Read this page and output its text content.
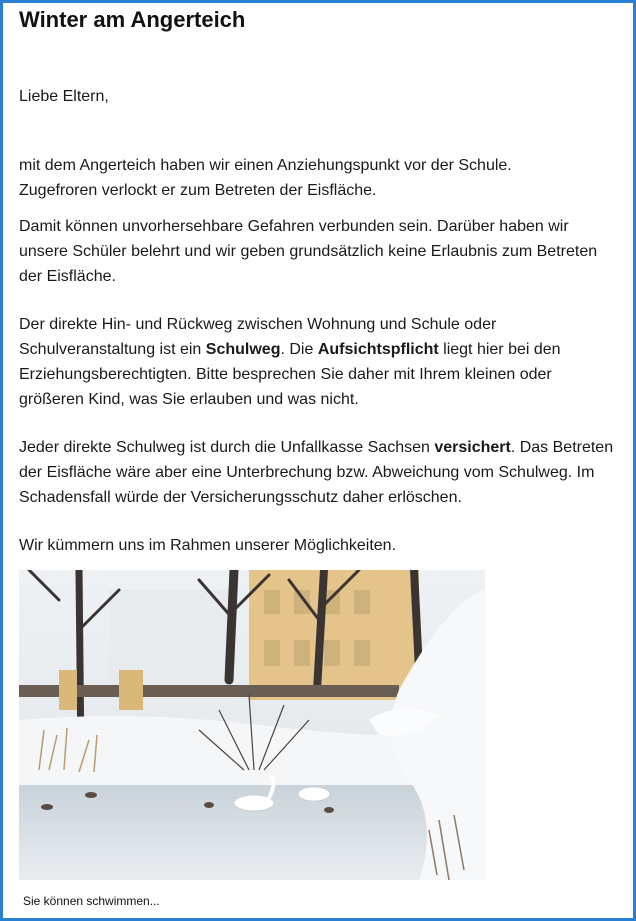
Winter am Angerteich

Liebe Eltern,

mit dem Angerteich haben wir einen Anziehungspunkt vor der Schule.
Zugefroren verlockt er zum Betreten der Eisfläche.

Damit können unvorhersehbare Gefahren verbunden sein. Darüber haben wir unsere Schüler belehrt und wir geben grundsätzlich keine Erlaubnis zum Betreten der Eisfläche.

Der direkte Hin- und Rückweg zwischen Wohnung und Schule oder Schulveranstaltung ist ein Schulweg. Die Aufsichtspflicht liegt hier bei den Erziehungsberechtigten. Bitte besprechen Sie daher mit Ihrem kleinen oder größeren Kind, was Sie erlauben und was nicht.

Jeder direkte Schulweg ist durch die Unfallkasse Sachsen versichert. Das Betreten der Eisfläche wäre aber eine Unterbrechung bzw. Abweichung vom Schulweg. Im Schadensfall würde der Versicherungsschutz daher erlöschen.

Wir kümmern uns im Rahmen unserer Möglichkeiten.

Sie können schwimmen...
